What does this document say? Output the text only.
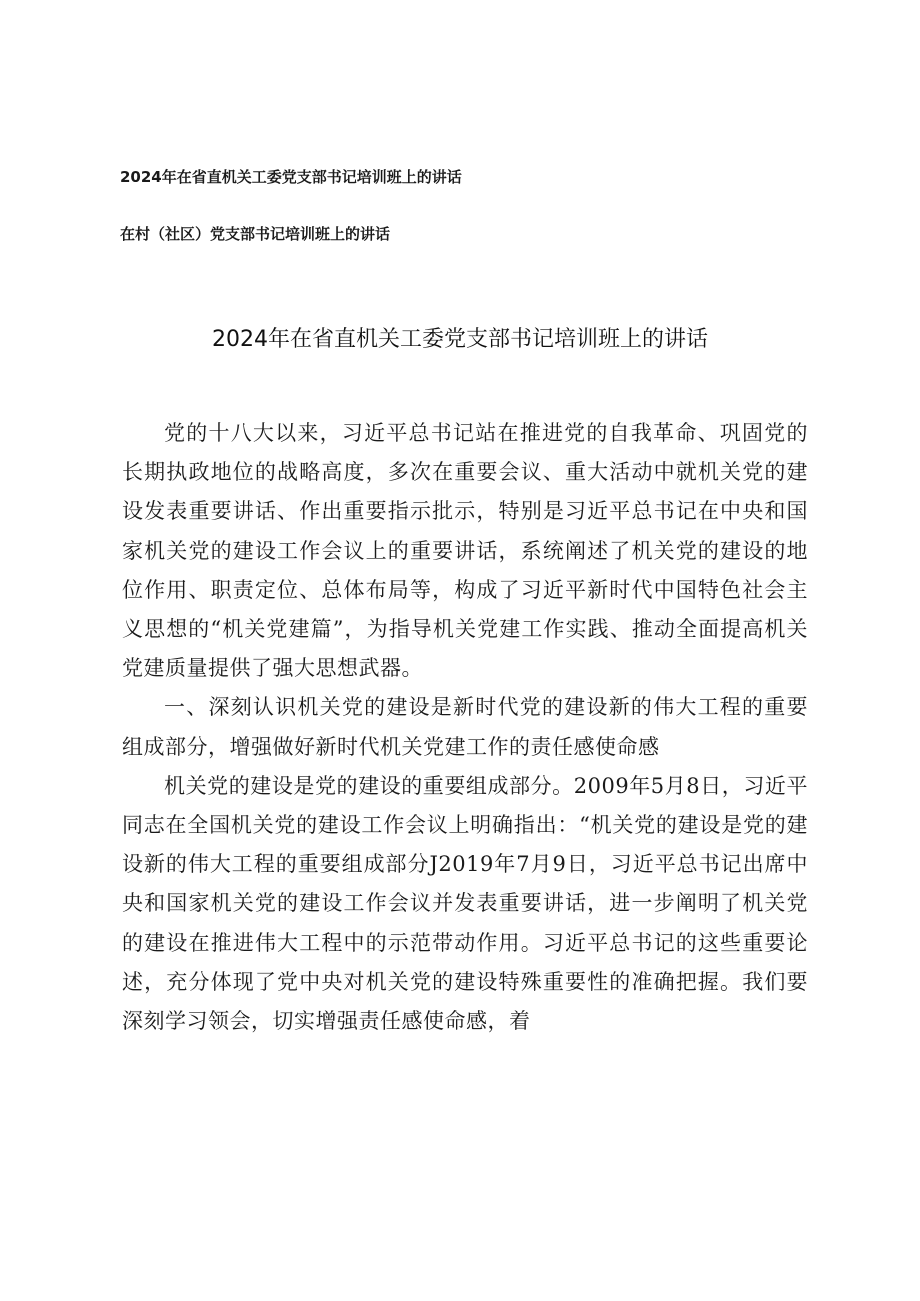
2024年在省直机关工委党支部书记培训班上的讲话
在村（社区）党支部书记培训班上的讲话
2024年在省直机关工委党支部书记培训班上的讲话

党的十八大以来，习近平总书记站在推进党的自我革命、巩固党的长期执政地位的战略高度，多次在重要会议、重大活动中就机关党的建设发表重要讲话、作出重要指示批示，特别是习近平总书记在中央和国家机关党的建设工作会议上的重要讲话，系统阐述了机关党的建设的地位作用、职责定位、总体布局等，构成了习近平新时代中国特色社会主义思想的“机关党建篇”，为指导机关党建工作实践、推动全面提高机关党建质量提供了强大思想武器。

一、深刻认识机关党的建设是新时代党的建设新的伟大工程的重要组成部分，增强做好新时代机关党建工作的责任感使命感

机关党的建设是党的建设的重要组成部分。2009年5月8日，习近平同志在全国机关党的建设工作会议上明确指出：“机关党的建设是党的建设新的伟大工程的重要组成部分J2019年7月9日，习近平总书记出席中央和国家机关党的建设工作会议并发表重要讲话，进一步阐明了机关党的建设在推进伟大工程中的示范带动作用。习近平总书记的这些重要论述，充分体现了党中央对机关党的建设特殊重要性的准确把握。我们要深刻学习领会，切实增强责任感使命感，着
